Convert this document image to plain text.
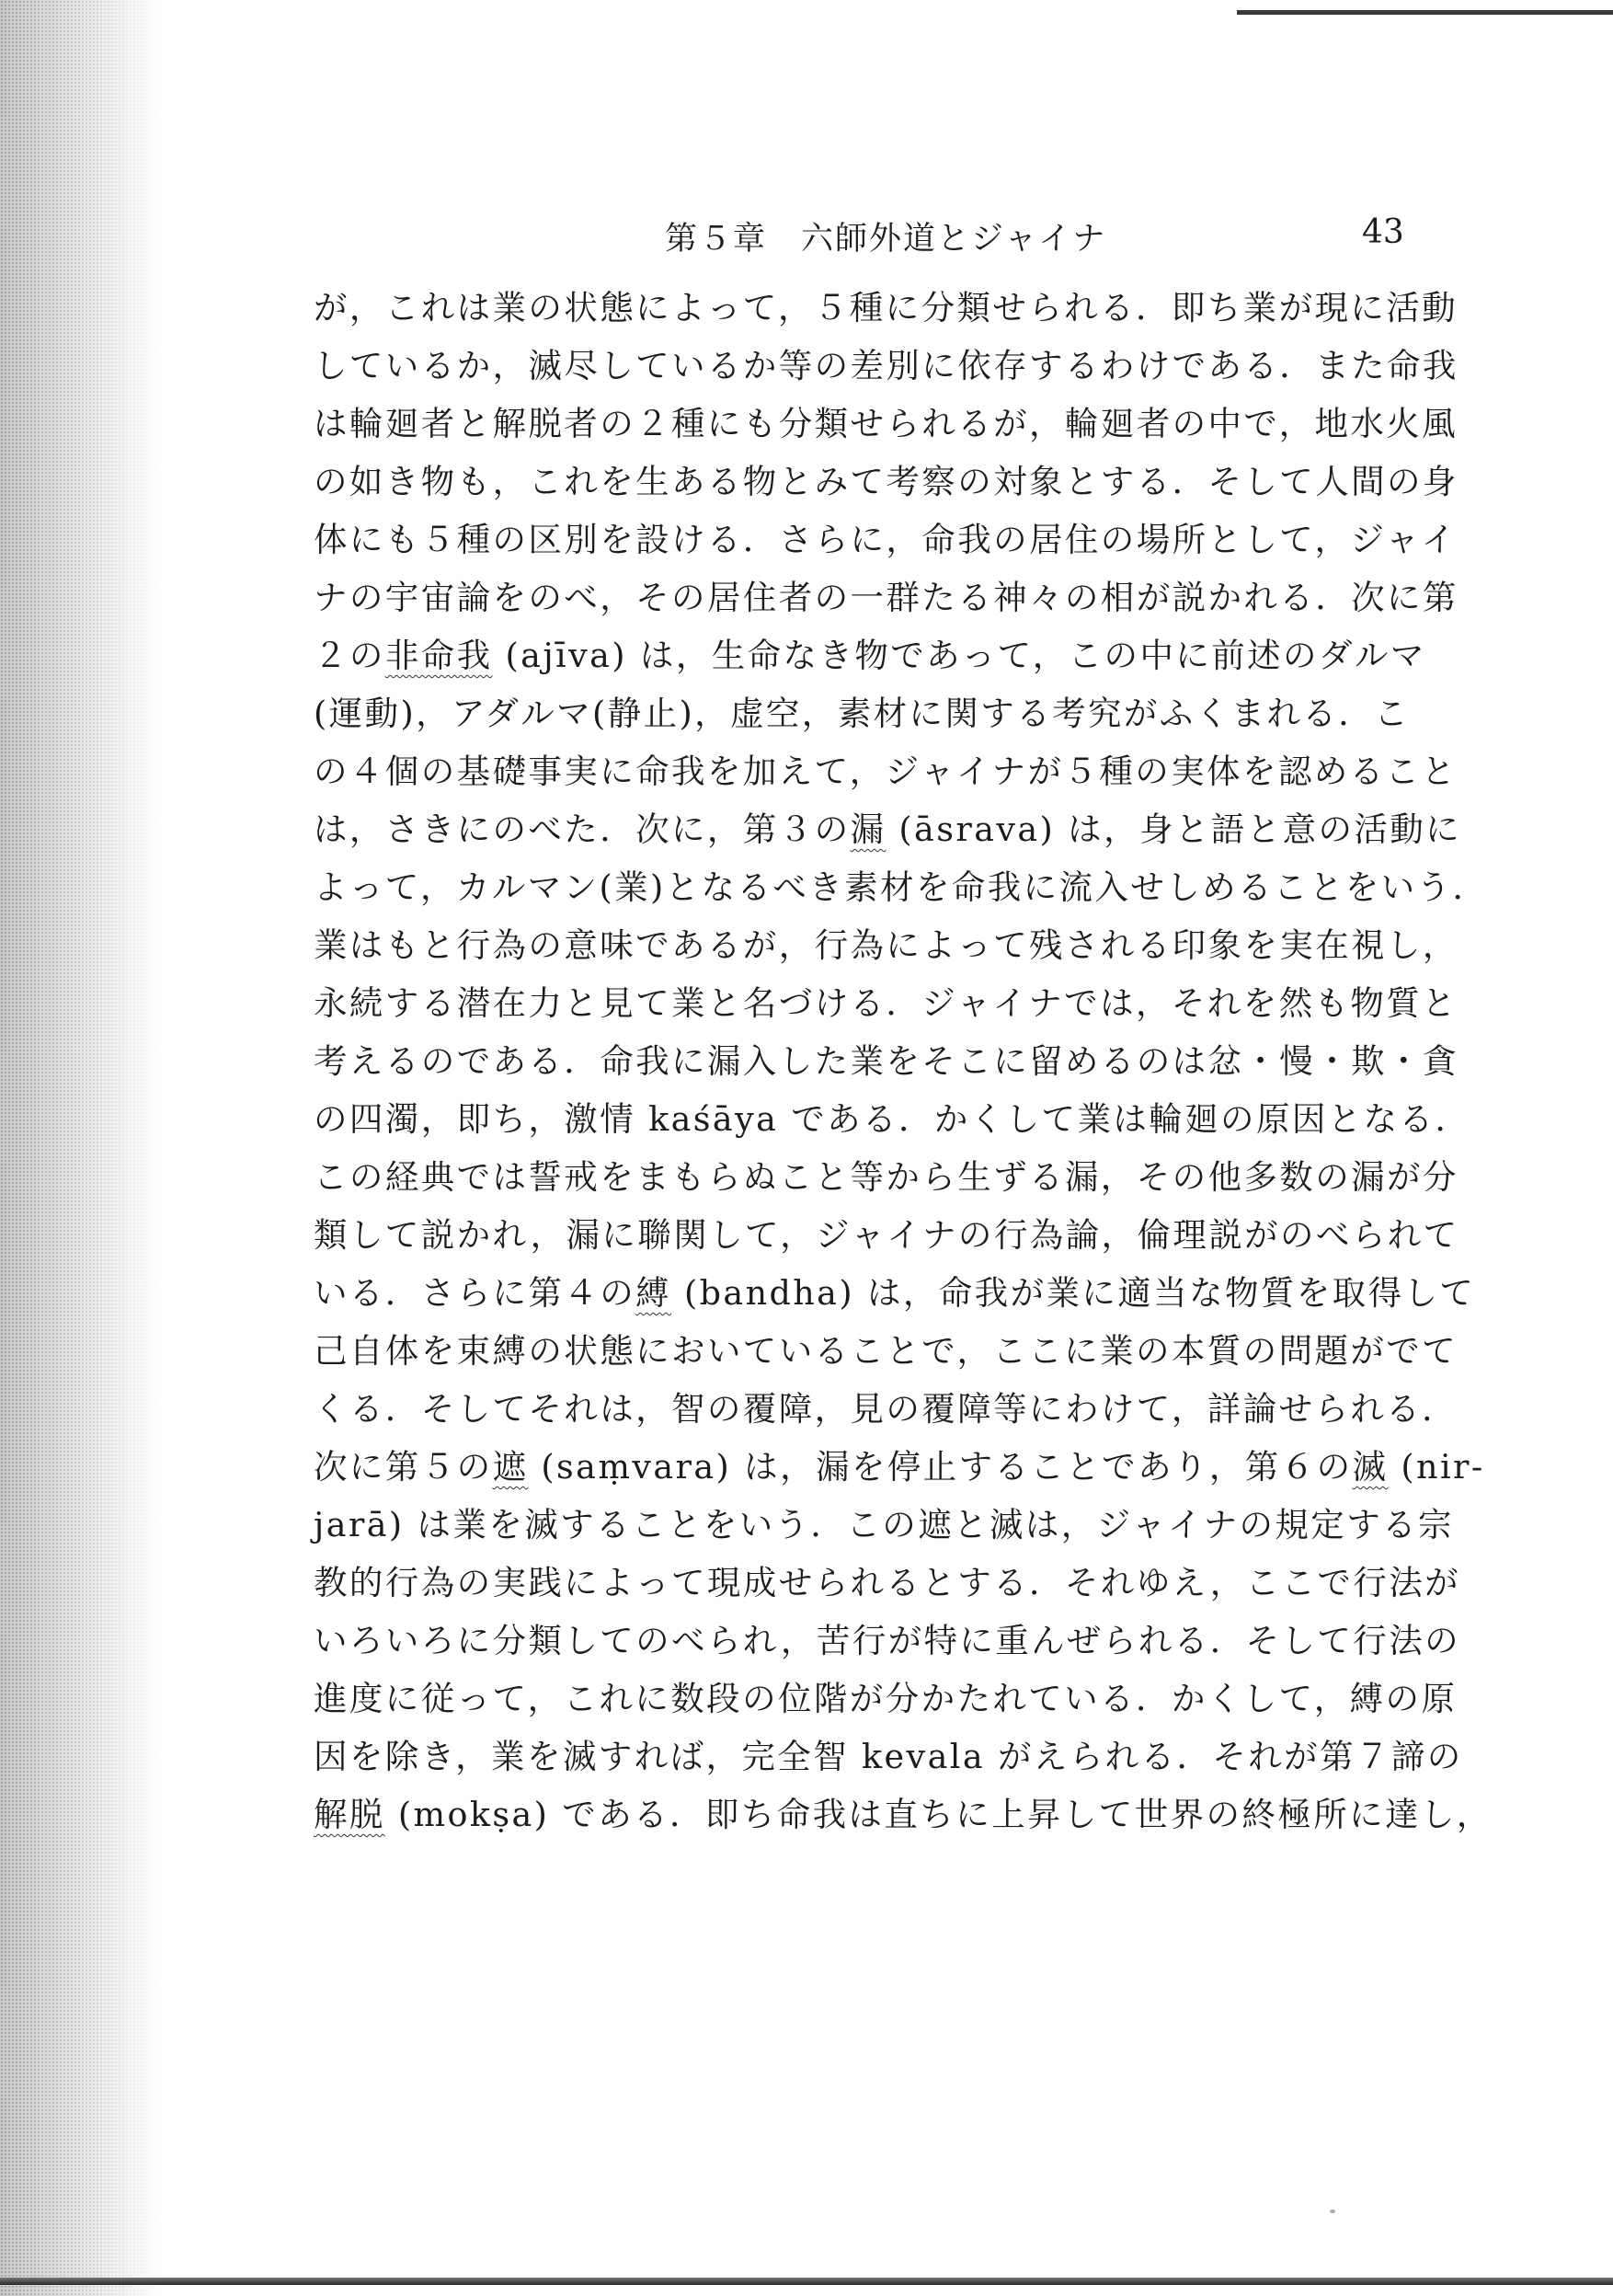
第５章　六師外道とジャイナ	43
が，これは業の状態によって，５種に分類せられる．即ち業が現に活動
しているか，滅尽しているか等の差別に依存するわけである．また命我
は輪廻者と解脱者の２種にも分類せられるが，輪廻者の中で，地水火風
の如き物も，これを生ある物とみて考察の対象とする．そして人間の身
体にも５種の区別を設ける．さらに，命我の居住の場所として，ジャイ
ナの宇宙論をのべ，その居住者の一群たる神々の相が説かれる．次に第
２の非命我 (ajīva) は，生命なき物であって，この中に前述のダルマ
(運動)，アダルマ(静止)，虚空，素材に関する考究がふくまれる．こ
の４個の基礎事実に命我を加えて，ジャイナが５種の実体を認めること
は，さきにのべた．次に，第３の漏 (āsrava) は，身と語と意の活動に
よって，カルマン(業)となるべき素材を命我に流入せしめることをいう．
業はもと行為の意味であるが，行為によって残される印象を実在視し，
永続する潜在力と見て業と名づける．ジャイナでは，それを然も物質と
考えるのである．命我に漏入した業をそこに留めるのは忿・慢・欺・貪
の四濁，即ち，激情 kaśāya である．かくして業は輪廻の原因となる．
この経典では誓戒をまもらぬこと等から生ずる漏，その他多数の漏が分
類して説かれ，漏に聯関して，ジャイナの行為論，倫理説がのべられて
いる．さらに第４の縛 (bandha) は，命我が業に適当な物質を取得して
己自体を束縛の状態においていることで，ここに業の本質の問題がでて
くる．そしてそれは，智の覆障，見の覆障等にわけて，詳論せられる．
次に第５の遮 (saṃvara) は，漏を停止することであり，第６の滅 (nir-
jarā) は業を滅することをいう．この遮と滅は，ジャイナの規定する宗
教的行為の実践によって現成せられるとする．それゆえ，ここで行法が
いろいろに分類してのべられ，苦行が特に重んぜられる．そして行法の
進度に従って，これに数段の位階が分かたれている．かくして，縛の原
因を除き，業を滅すれば，完全智 kevala がえられる．それが第７諦の
解脱 (mokṣa) である．即ち命我は直ちに上昇して世界の終極所に達し，
